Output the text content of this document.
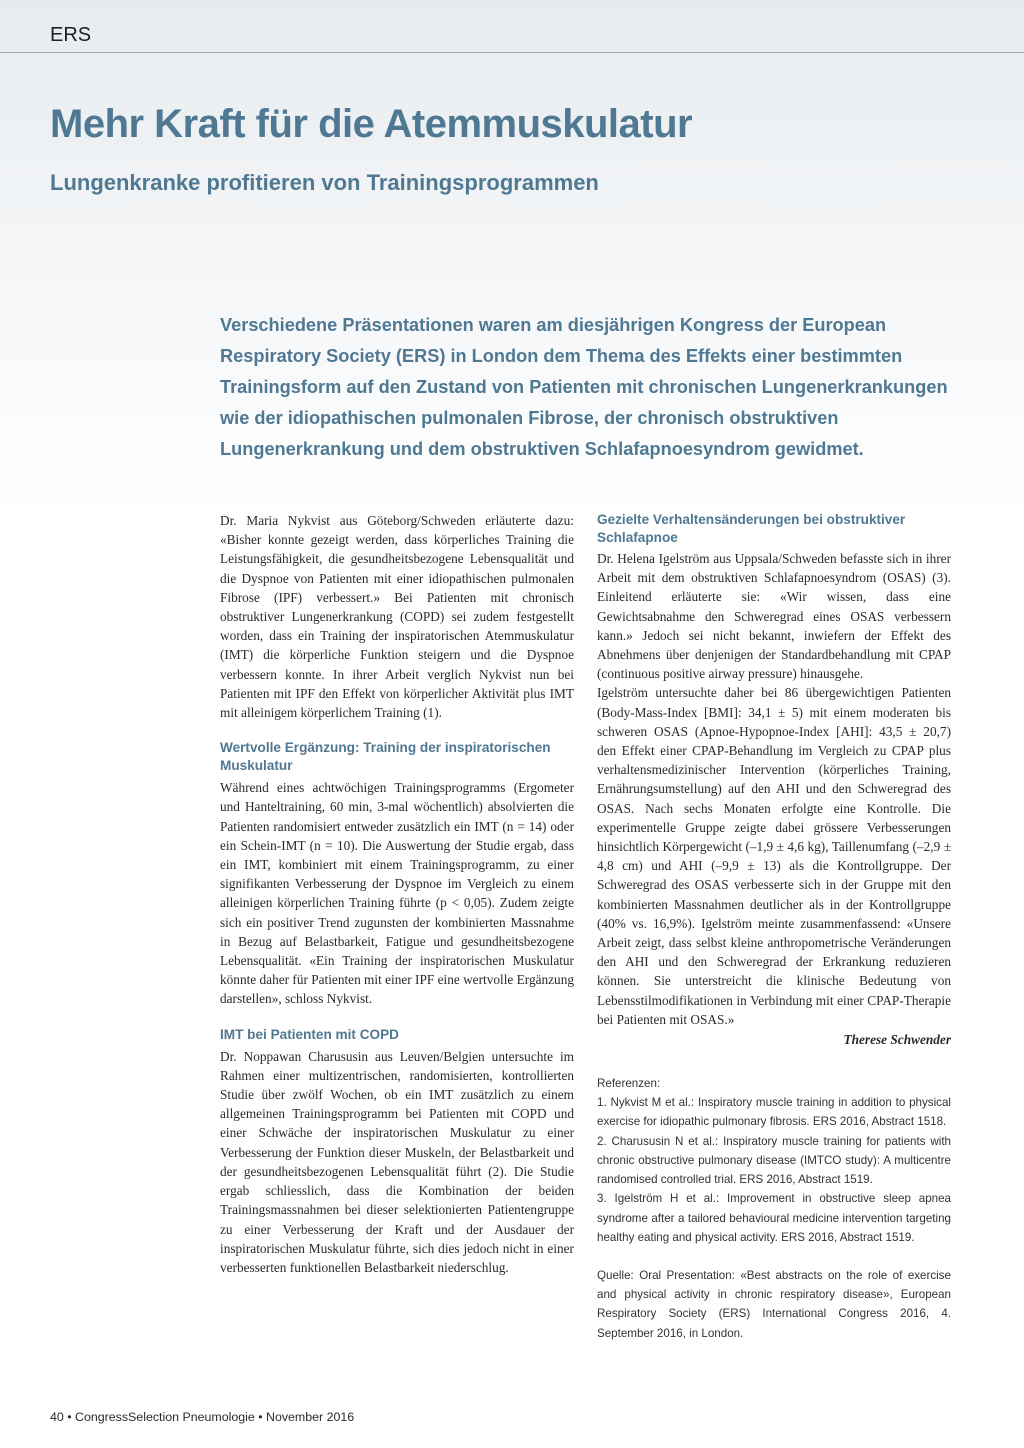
ERS
Mehr Kraft für die Atemmuskulatur
Lungenkranke profitieren von Trainingsprogrammen

Verschiedene Präsentationen waren am diesjährigen Kongress der European Respiratory Society (ERS) in London dem Thema des Effekts einer bestimmten Trainingsform auf den Zustand von Patienten mit chronischen Lungenerkrankungen wie der idiopathischen pulmonalen Fibrose, der chronisch obstruktiven Lungenerkrankung und dem obstruktiven Schlafapnoesyndrom gewidmet.

Dr. Maria Nykvist aus Göteborg/Schweden erläuterte dazu: «Bisher konnte gezeigt werden, dass körperliches Training die Leistungsfähigkeit, die gesundheitsbezogene Lebensqualität und die Dyspnoe von Patienten mit einer idiopathischen pulmonalen Fibrose (IPF) verbessert.» Bei Patienten mit chronisch obstruktiver Lungenerkrankung (COPD) sei zudem festgestellt worden, dass ein Training der inspiratorischen Atemmuskulatur (IMT) die körperliche Funktion steigern und die Dyspnoe verbessern konnte. In ihrer Arbeit verglich Nykvist nun bei Patienten mit IPF den Effekt von körperlicher Aktivität plus IMT mit alleinigem körperlichem Training (1).

Wertvolle Ergänzung: Training der inspiratorischen Muskulatur

Während eines achtwöchigen Trainingsprogramms (Ergometer und Hanteltraining, 60 min, 3-mal wöchentlich) absolvierten die Patienten randomisiert entweder zusätzlich ein IMT (n = 14) oder ein Schein-IMT (n = 10). Die Auswertung der Studie ergab, dass ein IMT, kombiniert mit einem Trainingsprogramm, zu einer signifikanten Verbesserung der Dyspnoe im Vergleich zu einem alleinigen körperlichen Training führte (p < 0,05). Zudem zeigte sich ein positiver Trend zugunsten der kombinierten Massnahme in Bezug auf Belastbarkeit, Fatigue und gesundheitsbezogene Lebensqualität. «Ein Training der inspiratorischen Muskulatur könnte daher für Patienten mit einer IPF eine wertvolle Ergänzung darstellen», schloss Nykvist.

IMT bei Patienten mit COPD

Dr. Noppawan Charususin aus Leuven/Belgien untersuchte im Rahmen einer multizentrischen, randomisierten, kontrollierten Studie über zwölf Wochen, ob ein IMT zusätzlich zu einem allgemeinen Trainingsprogramm bei Patienten mit COPD und einer Schwäche der inspiratorischen Muskulatur zu einer Verbesserung der Funktion dieser Muskeln, der Belastbarkeit und der gesundheitsbezogenen Lebensqualität führt (2). Die Studie ergab schliesslich, dass die Kombination der beiden Trainingsmassnahmen bei dieser selektionierten Patientengruppe zu einer Verbesserung der Kraft und der Ausdauer der inspiratorischen Muskulatur führte, sich dies jedoch nicht in einer verbesserten funktionellen Belastbarkeit niederschlug.

Gezielte Verhaltensänderungen bei obstruktiver Schlafapnoe

Dr. Helena Igelström aus Uppsala/Schweden befasste sich in ihrer Arbeit mit dem obstruktiven Schlafapnoesyndrom (OSAS) (3). Einleitend erläuterte sie: «Wir wissen, dass eine Gewichtsabnahme den Schweregrad eines OSAS verbessern kann.» Jedoch sei nicht bekannt, inwiefern der Effekt des Abnehmens über denjenigen der Standardbehandlung mit CPAP (continuous positive airway pressure) hinausgehe.

Igelström untersuchte daher bei 86 übergewichtigen Patienten (Body-Mass-Index [BMI]: 34,1 ± 5) mit einem moderaten bis schweren OSAS (Apnoe-Hypopnoe-Index [AHI]: 43,5 ± 20,7) den Effekt einer CPAP-Behandlung im Vergleich zu CPAP plus verhaltensmedizinischer Intervention (körperliches Training, Ernährungsumstellung) auf den AHI und den Schweregrad des OSAS. Nach sechs Monaten erfolgte eine Kontrolle. Die experimentelle Gruppe zeigte dabei grössere Verbesserungen hinsichtlich Körpergewicht (–1,9 ± 4,6 kg), Taillenumfang (–2,9 ± 4,8 cm) und AHI (–9,9 ± 13) als die Kontrollgruppe. Der Schweregrad des OSAS verbesserte sich in der Gruppe mit den kombinierten Massnahmen deutlicher als in der Kontrollgruppe (40% vs. 16,9%). Igelström meinte zusammenfassend: «Unsere Arbeit zeigt, dass selbst kleine anthropometrische Veränderungen den AHI und den Schweregrad der Erkrankung reduzieren können. Sie unterstreicht die klinische Bedeutung von Lebensstilmodifikationen in Verbindung mit einer CPAP-Therapie bei Patienten mit OSAS.»

Therese Schwender

Referenzen:

1. Nykvist M et al.: Inspiratory muscle training in addition to physical exercise for idiopathic pulmonary fibrosis. ERS 2016, Abstract 1518.

2. Charususin N et al.: Inspiratory muscle training for patients with chronic obstructive pulmonary disease (IMTCO study): A multicentre randomised controlled trial. ERS 2016, Abstract 1519.

3. Igelström H et al.: Improvement in obstructive sleep apnea syndrome after a tailored behavioural medicine intervention targeting healthy eating and physical activity. ERS 2016, Abstract 1519.

Quelle: Oral Presentation: «Best abstracts on the role of exercise and physical activity in chronic respiratory disease», European Respiratory Society (ERS) International Congress 2016, 4. September 2016, in London.

40 • CongressSelection Pneumologie • November 2016
